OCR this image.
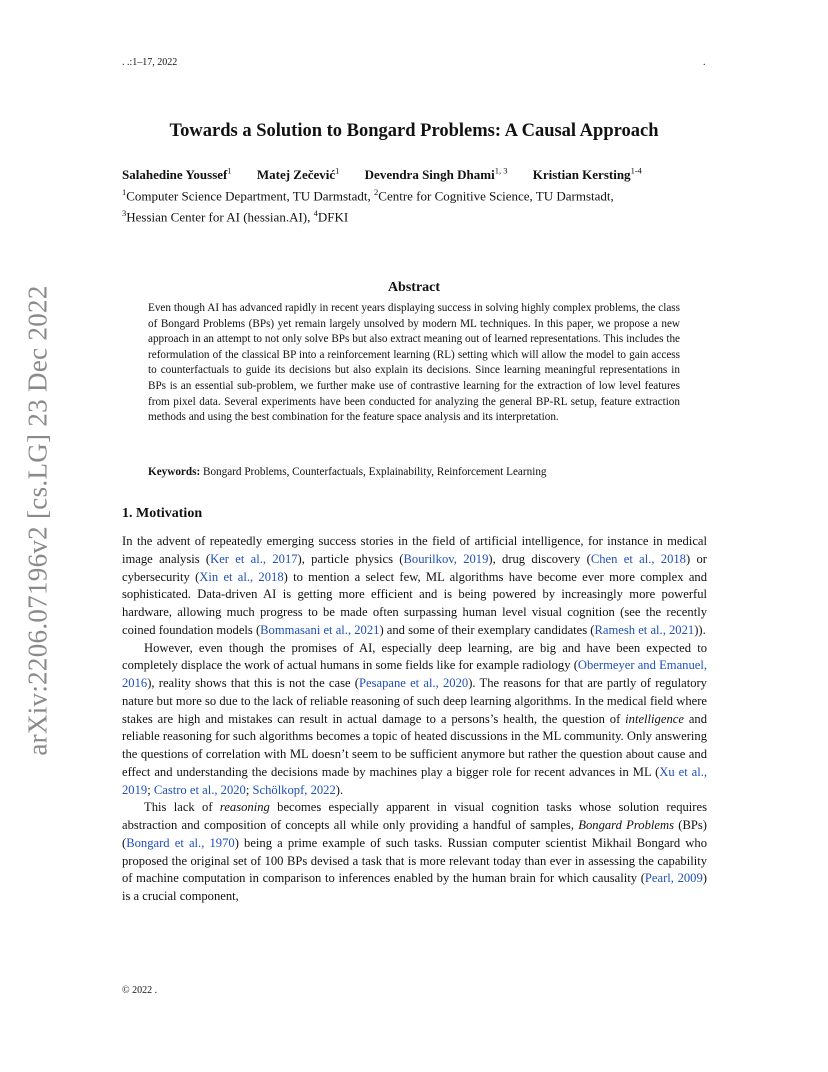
. .:1–17, 2022	.
arXiv:2206.07196v2 [cs.LG] 23 Dec 2022
Towards a Solution to Bongard Problems: A Causal Approach
Salahedine Youssef$^1$ Matej Zečević$^1$ Devendra Singh Dhami$^{1, 3}$ Kristian Kersting$^{1-4}$
$^1$Computer Science Department, TU Darmstadt, $^2$Centre for Cognitive Science, TU Darmstadt,
$^3$Hessian Center for AI (hessian.AI), $^4$DFKI
Abstract
Even though AI has advanced rapidly in recent years displaying success in solving highly complex problems, the class of Bongard Problems (BPs) yet remain largely unsolved by modern ML techniques. In this paper, we propose a new approach in an attempt to not only solve BPs but also extract meaning out of learned representations. This includes the reformulation of the classical BP into a reinforcement learning (RL) setting which will allow the model to gain access to counterfactuals to guide its decisions but also explain its decisions. Since learning meaningful representations in BPs is an essential sub-problem, we further make use of contrastive learning for the extraction of low level features from pixel data. Several experiments have been conducted for analyzing the general BP-RL setup, feature extraction methods and using the best combination for the feature space analysis and its interpretation.
Keywords: Bongard Problems, Counterfactuals, Explainability, Reinforcement Learning
1. Motivation

In the advent of repeatedly emerging success stories in the field of artificial intelligence, for instance in medical image analysis (Ker et al., 2017), particle physics (Bourilkov, 2019), drug discovery (Chen et al., 2018) or cybersecurity (Xin et al., 2018) to mention a select few, ML algorithms have become ever more complex and sophisticated. Data-driven AI is getting more efficient and is being powered by increasingly more powerful hardware, allowing much progress to be made often surpassing human level visual cognition (see the recently coined foundation models (Bommasani et al., 2021) and some of their exemplary candidates (Ramesh et al., 2021)).

However, even though the promises of AI, especially deep learning, are big and have been expected to completely displace the work of actual humans in some fields like for example radiology (Obermeyer and Emanuel, 2016), reality shows that this is not the case (Pesapane et al., 2020). The reasons for that are partly of regulatory nature but more so due to the lack of reliable reasoning of such deep learning algorithms. In the medical field where stakes are high and mistakes can result in actual damage to a persons’s health, the question of intelligence and reliable reasoning for such algorithms becomes a topic of heated discussions in the ML community. Only answering the questions of correlation with ML doesn’t seem to be sufficient anymore but rather the question about cause and effect and understanding the decisions made by machines play a bigger role for recent advances in ML (Xu et al., 2019; Castro et al., 2020; Schölkopf, 2022).

This lack of reasoning becomes especially apparent in visual cognition tasks whose solution requires abstraction and composition of concepts all while only providing a handful of samples, Bongard Problems (BPs) (Bongard et al., 1970) being a prime example of such tasks. Russian computer scientist Mikhail Bongard who proposed the original set of 100 BPs devised a task that is more relevant today than ever in assessing the capability of machine computation in comparison to inferences enabled by the human brain for which causality (Pearl, 2009) is a crucial component,

© 2022 .
